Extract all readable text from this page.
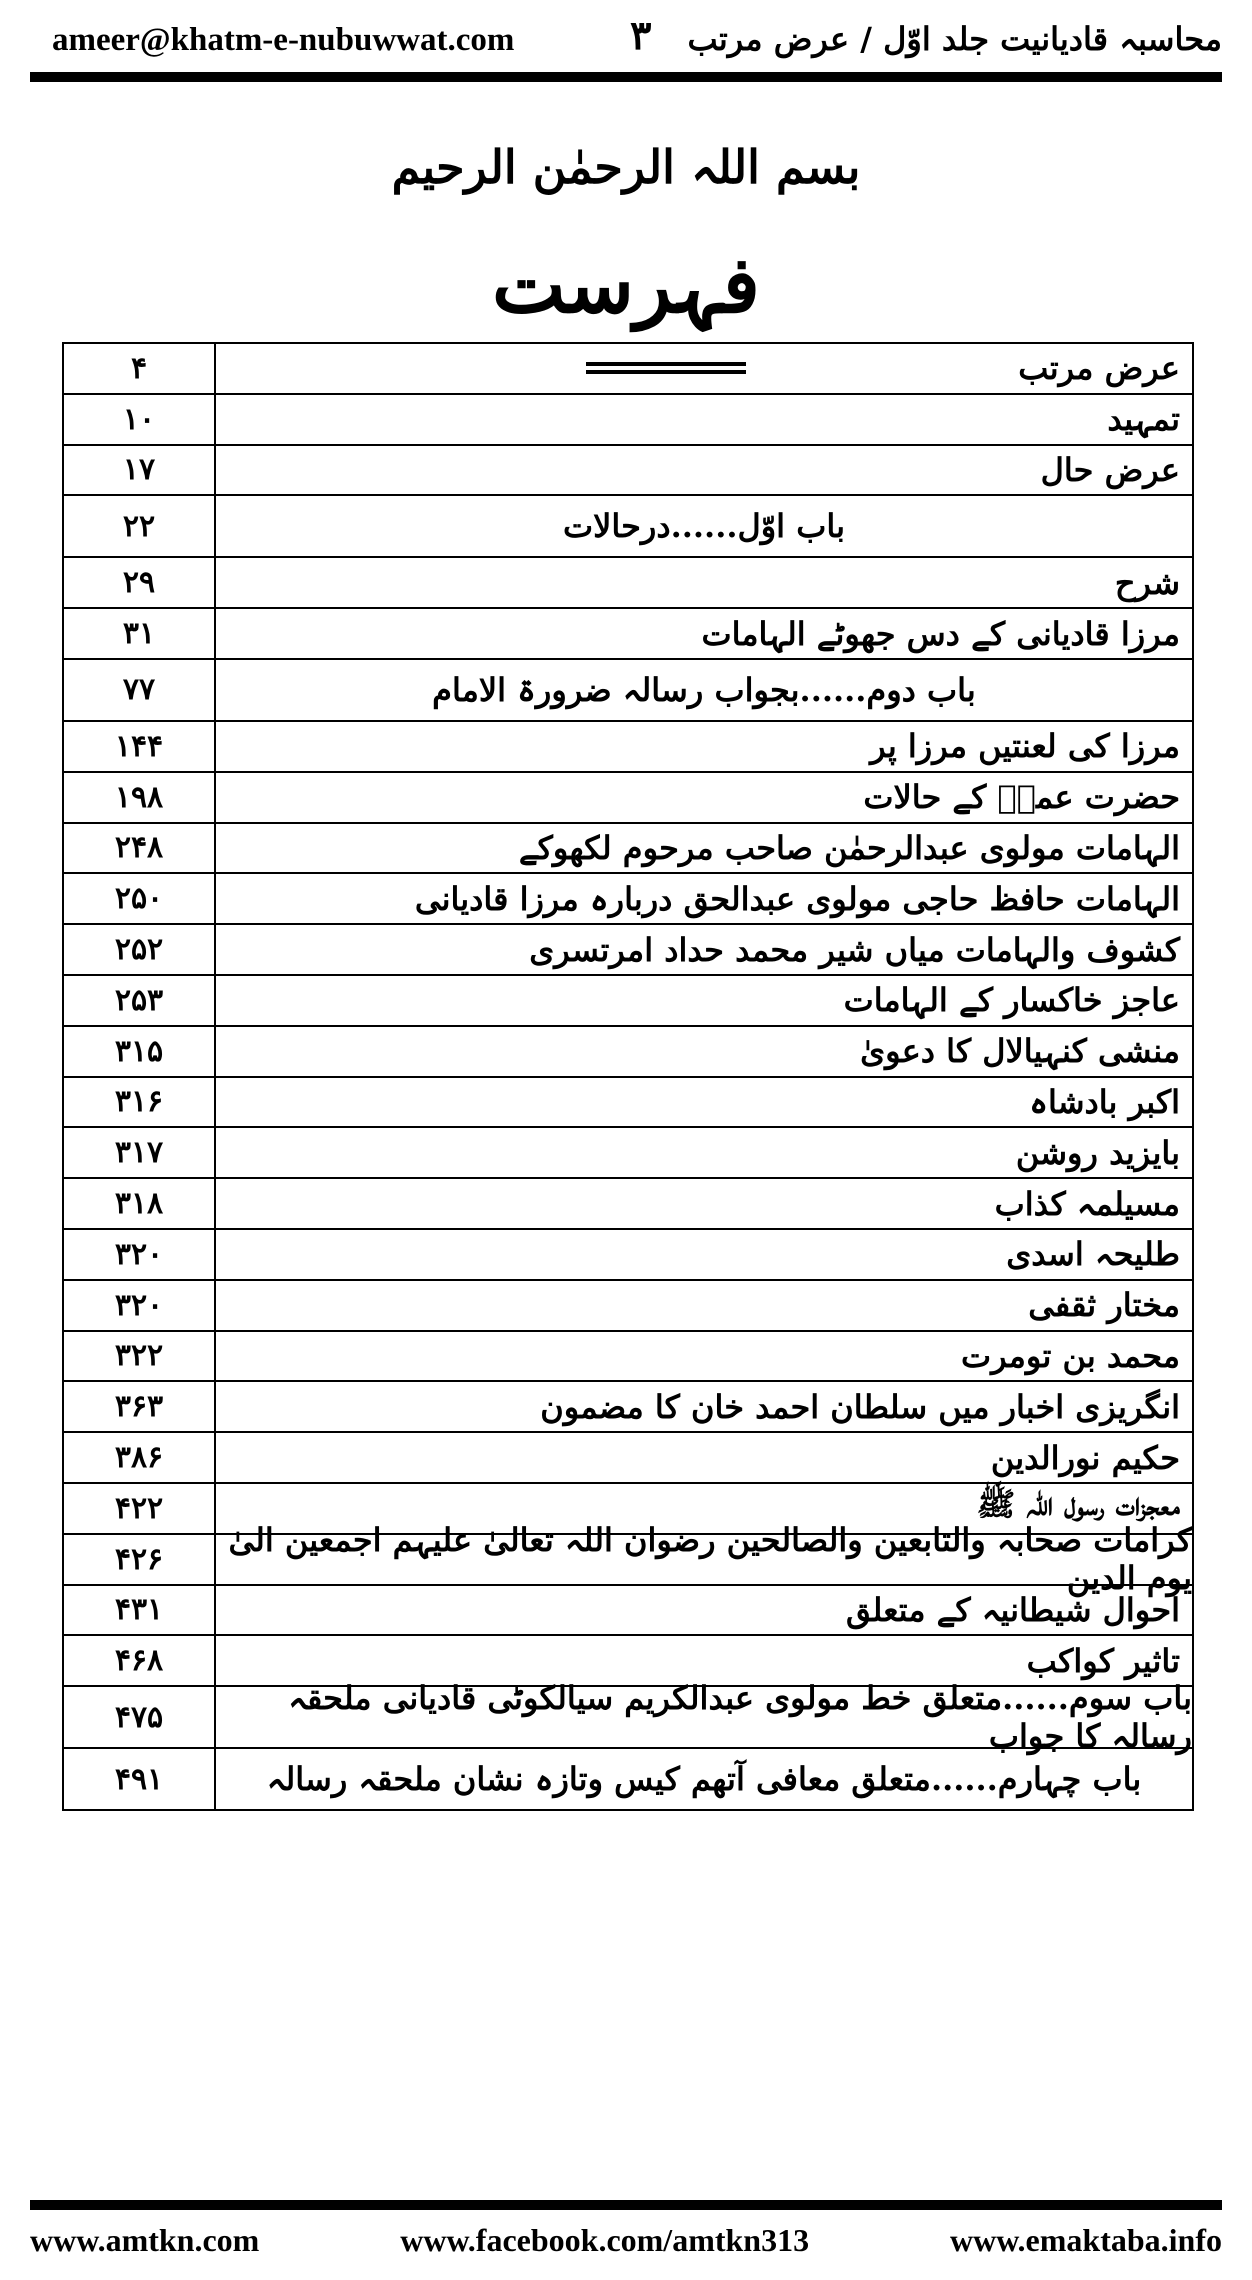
ameer@khatm-e-nubuwwat.com	۳ محاسبہ قادیانیت جلد اوّل / عرض مرتب
بسم اللہ الرحمٰن الرحیم
فہرست
۴	عرض مرتب
۱۰	تمہید
۱۷	عرض حال
۲۲	باب اوّل......درحالات
۲۹	شرح
۳۱	مرزا قادیانی کے دس جھوٹے الہامات
۷۷	باب دوم......بجواب رسالہ ضرورۃ الامام
۱۴۴	مرزا کی لعنتیں مرزا پر
۱۹۸	حضرت عمرؓ کے حالات
۲۴۸	الہامات مولوی عبدالرحمٰن صاحب مرحوم لکھوکے
۲۵۰	الہامات حافظ حاجی مولوی عبدالحق دربارہ مرزا قادیانی
۲۵۲	کشوف والہامات میاں شیر محمد حداد امرتسری
۲۵۳	عاجز خاکسار کے الہامات
۳۱۵	منشی کنہیالال کا دعویٰ
۳۱۶	اکبر بادشاہ
۳۱۷	بایزید روشن
۳۱۸	مسیلمہ کذاب
۳۲۰	طلیحہ اسدی
۳۲۰	مختار ثقفی
۳۲۲	محمد بن تومرت
۳۶۳	انگریزی اخبار میں سلطان احمد خان کا مضمون
۳۸۶	حکیم نورالدین
۴۲۲	معجزات رسول اللہ ﷺ
۴۲۶	کرامات صحابہ والتابعین والصالحین رضوان اللہ تعالیٰ علیہم اجمعین الیٰ یوم الدین
۴۳۱	احوال شیطانیہ کے متعلق
۴۶۸	تاثیر کواکب
۴۷۵	باب سوم......متعلق خط مولوی عبدالکریم سیالکوٹی قادیانی ملحقہ رسالہ کا جواب
۴۹۱	باب چہارم......متعلق معافی آتھم کیس وتازہ نشان ملحقہ رسالہ
www.amtkn.com	www.facebook.com/amtkn313	www.emaktaba.info
